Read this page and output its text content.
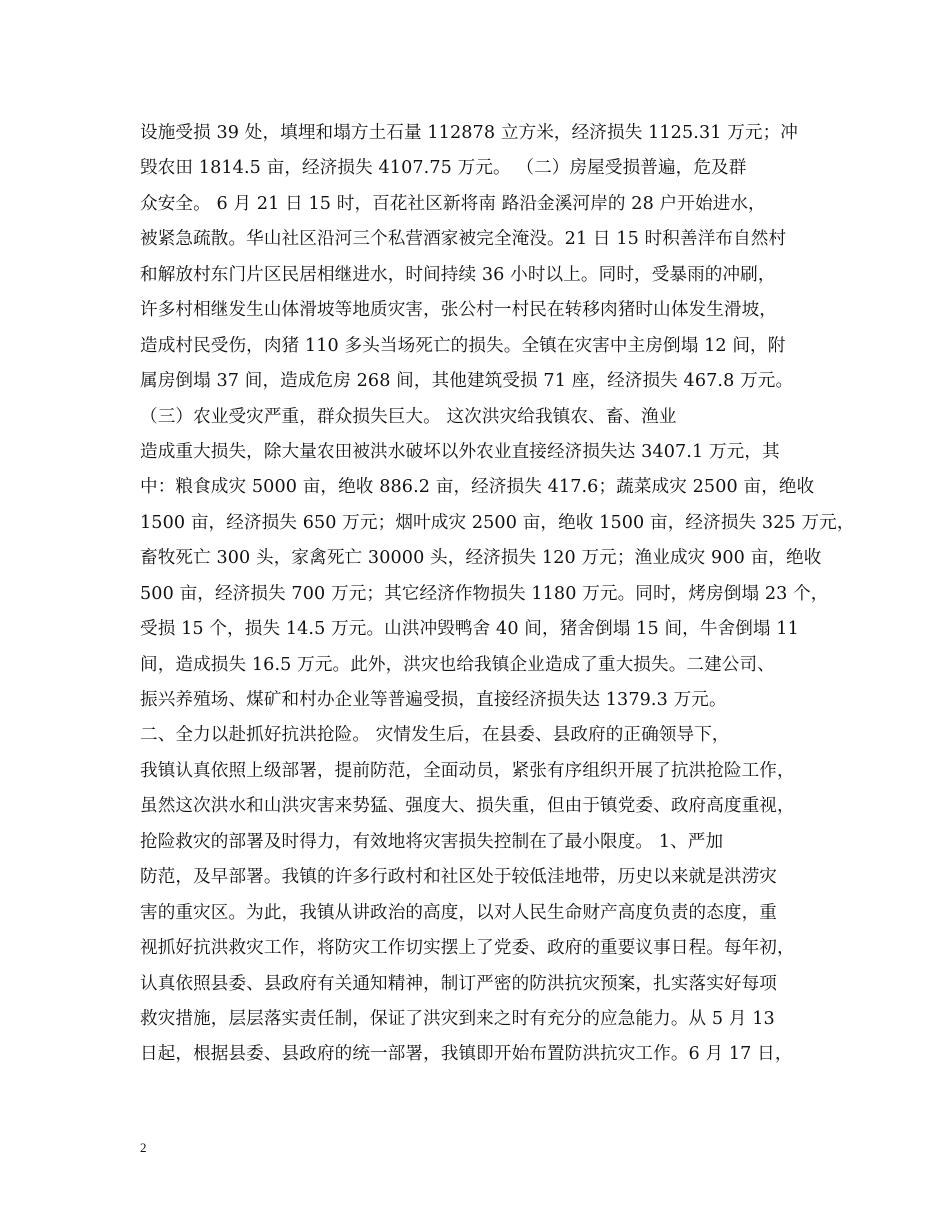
设施受损 39 处，填埋和塌方土石量 112878 立方米，经济损失 1125.31 万元；冲
毁农田 1814.5 亩，经济损失 4107.75 万元。 （二）房屋受损普遍，危及群
众安全。 6 月 21 日 15 时，百花社区新将南 路沿金溪河岸的 28 户开始进水，
被紧急疏散。华山社区沿河三个私营酒家被完全淹没。21 日 15 时积善洋布自然村
和解放村东门片区民居相继进水，时间持续 36 小时以上。同时，受暴雨的冲刷，
许多村相继发生山体滑坡等地质灾害，张公村一村民在转移肉猪时山体发生滑坡，
造成村民受伤，肉猪 110 多头当场死亡的损失。全镇在灾害中主房倒塌 12 间，附
属房倒塌 37 间，造成危房 268 间，其他建筑受损 71 座，经济损失 467.8 万元。
（三）农业受灾严重，群众损失巨大。 这次洪灾给我镇农、畜、渔业
造成重大损失，除大量农田被洪水破坏以外农业直接经济损失达 3407.1 万元，其
中：粮食成灾 5000 亩，绝收 886.2 亩，经济损失 417.6；蔬菜成灾 2500 亩，绝收
1500 亩，经济损失 650 万元；烟叶成灾 2500 亩，绝收 1500 亩，经济损失 325 万元，
畜牧死亡 300 头，家禽死亡 30000 头，经济损失 120 万元；渔业成灾 900 亩，绝收
500 亩，经济损失 700 万元；其它经济作物损失 1180 万元。同时，烤房倒塌 23 个，
受损 15 个，损失 14.5 万元。山洪冲毁鸭舍 40 间，猪舍倒塌 15 间，牛舍倒塌 11
间，造成损失 16.5 万元。此外，洪灾也给我镇企业造成了重大损失。二建公司、
振兴养殖场、煤矿和村办企业等普遍受损，直接经济损失达 1379.3 万元。
二、全力以赴抓好抗洪抢险。 灾情发生后，在县委、县政府的正确领导下，
我镇认真依照上级部署，提前防范，全面动员，紧张有序组织开展了抗洪抢险工作，
虽然这次洪水和山洪灾害来势猛、强度大、损失重，但由于镇党委、政府高度重视，
抢险救灾的部署及时得力，有效地将灾害损失控制在了最小限度。 1、严加
防范，及早部署。我镇的许多行政村和社区处于较低洼地带，历史以来就是洪涝灾
害的重灾区。为此，我镇从讲政治的高度，以对人民生命财产高度负责的态度，重
视抓好抗洪救灾工作，将防灾工作切实摆上了党委、政府的重要议事日程。每年初，
认真依照县委、县政府有关通知精神，制订严密的防洪抗灾预案，扎实落实好每项
救灾措施，层层落实责任制，保证了洪灾到来之时有充分的应急能力。从 5 月 13
日起，根据县委、县政府的统一部署，我镇即开始布置防洪抗灾工作。6 月 17 日，
2
